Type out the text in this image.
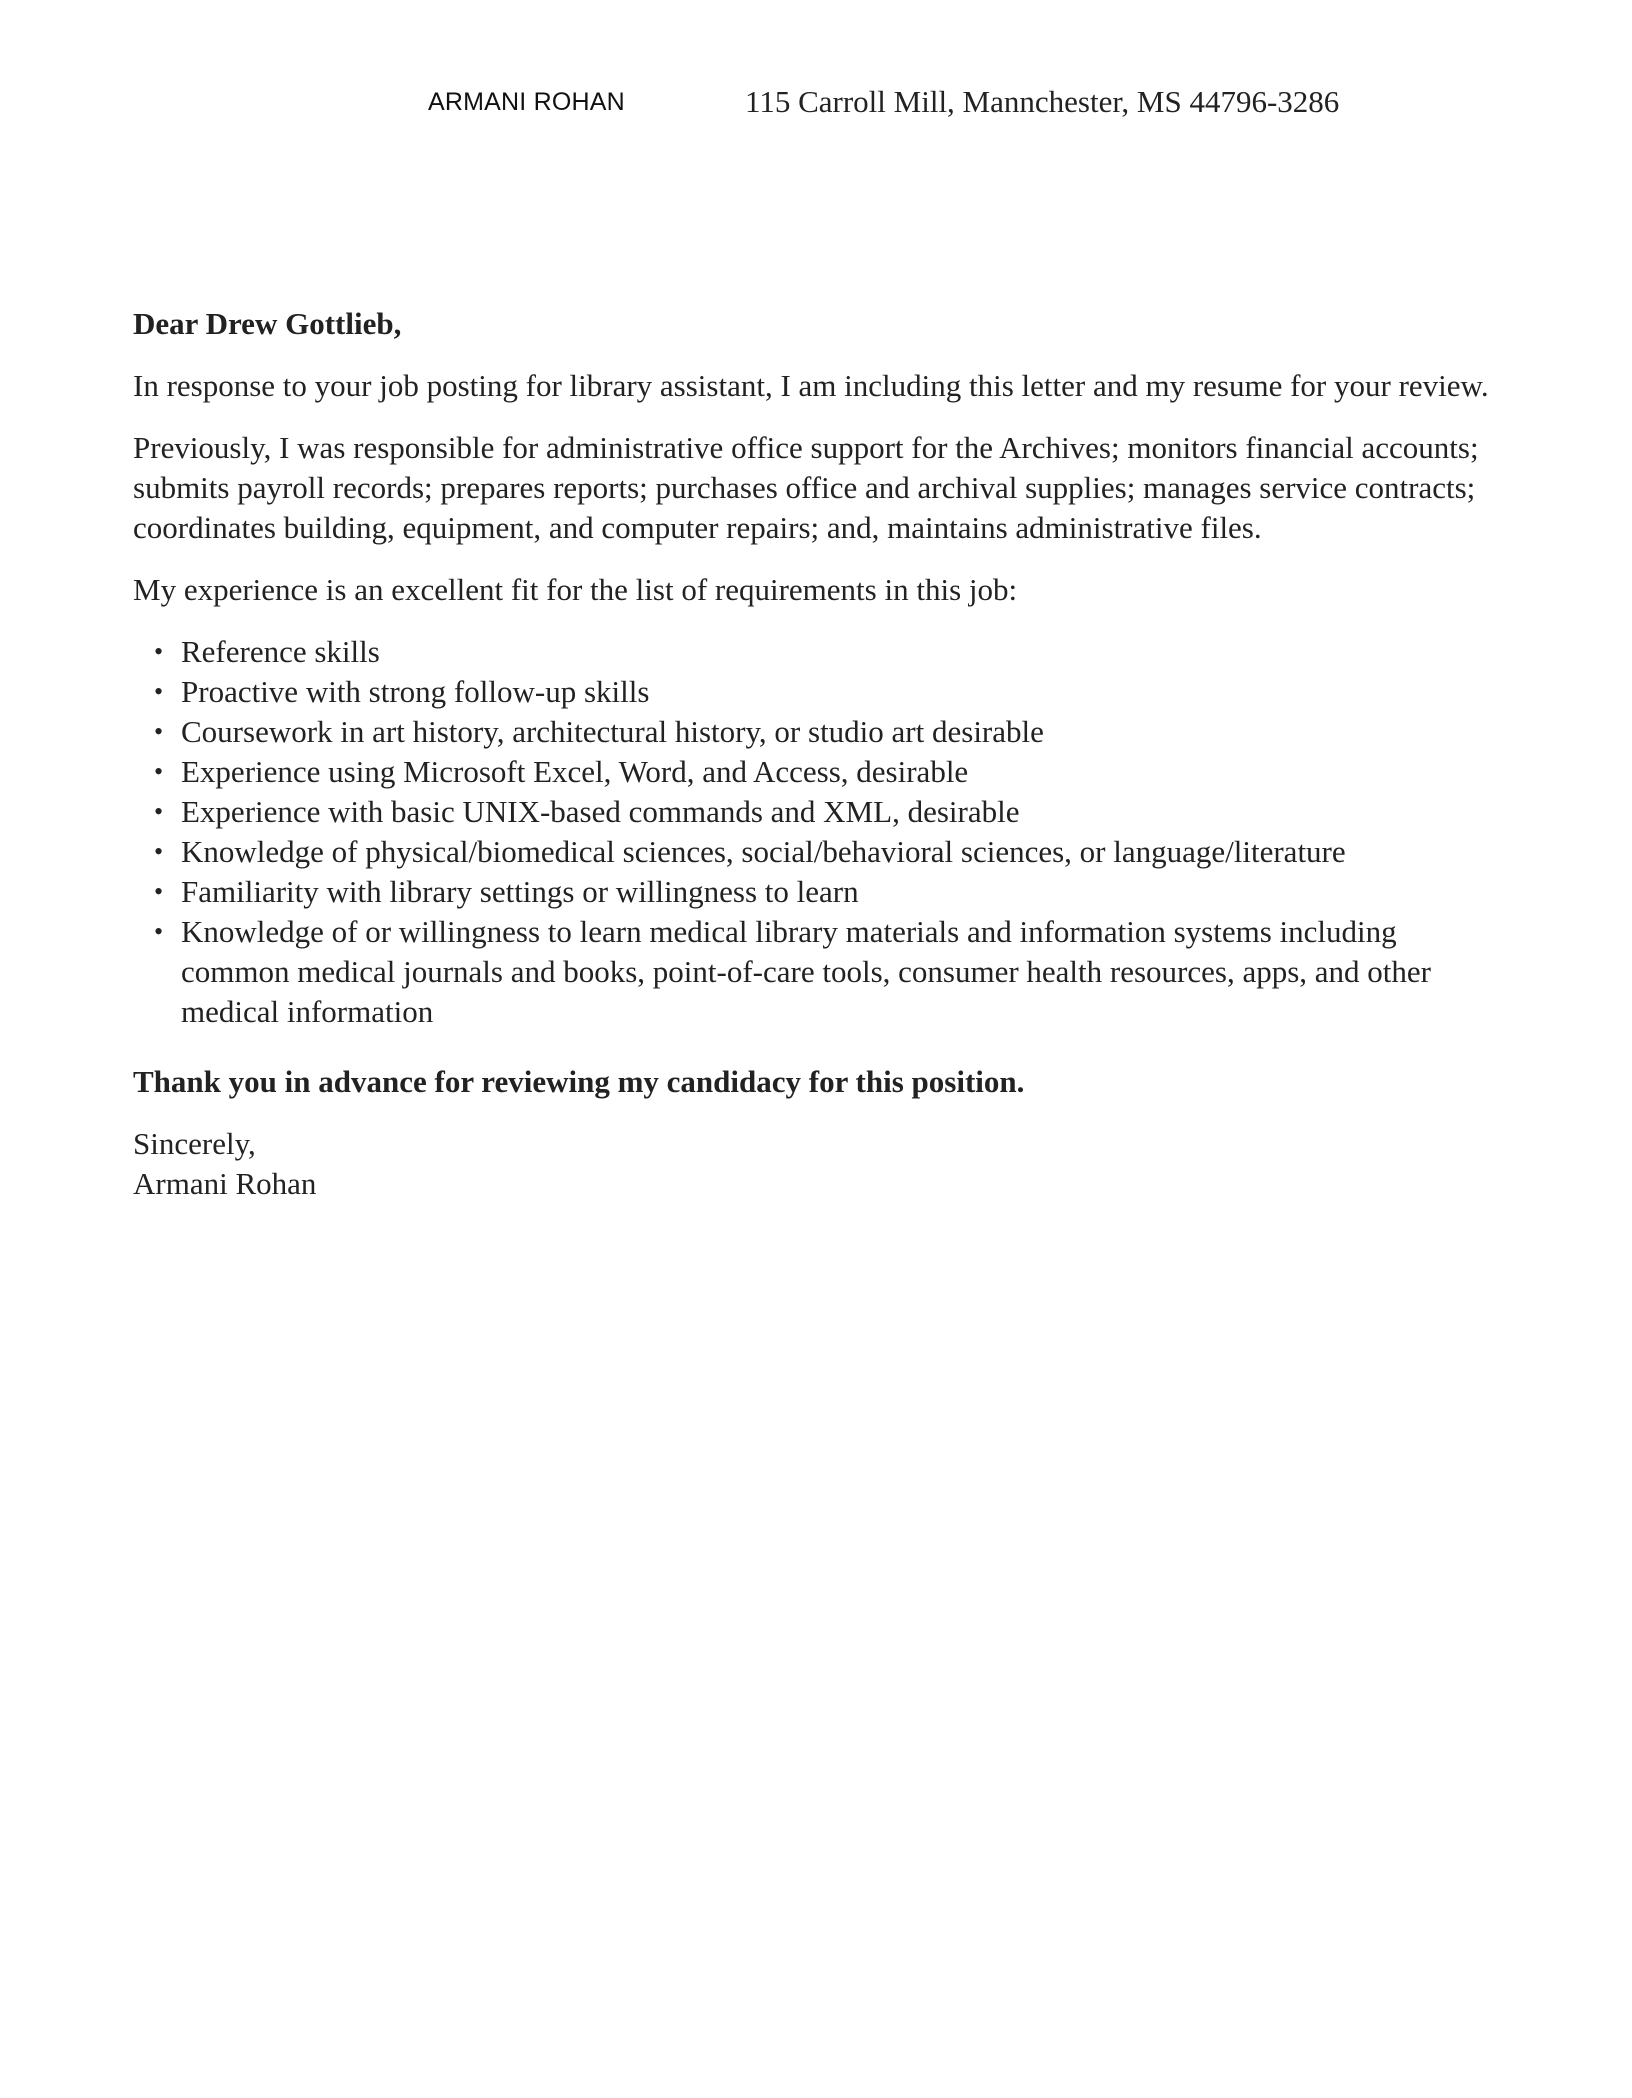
ARMANI ROHAN	115 Carroll Mill, Mannchester, MS 44796-3286

Dear Drew Gottlieb,

In response to your job posting for library assistant, I am including this letter and my resume for your review.

Previously, I was responsible for administrative office support for the Archives; monitors financial accounts; submits payroll records; prepares reports; purchases office and archival supplies; manages service contracts; coordinates building, equipment, and computer repairs; and, maintains administrative files.

My experience is an excellent fit for the list of requirements in this job:

• Reference skills
• Proactive with strong follow-up skills
• Coursework in art history, architectural history, or studio art desirable
• Experience using Microsoft Excel, Word, and Access, desirable
• Experience with basic UNIX-based commands and XML, desirable
• Knowledge of physical/biomedical sciences, social/behavioral sciences, or language/literature
• Familiarity with library settings or willingness to learn
• Knowledge of or willingness to learn medical library materials and information systems including common medical journals and books, point-of-care tools, consumer health resources, apps, and other medical information

Thank you in advance for reviewing my candidacy for this position.

Sincerely,
Armani Rohan
